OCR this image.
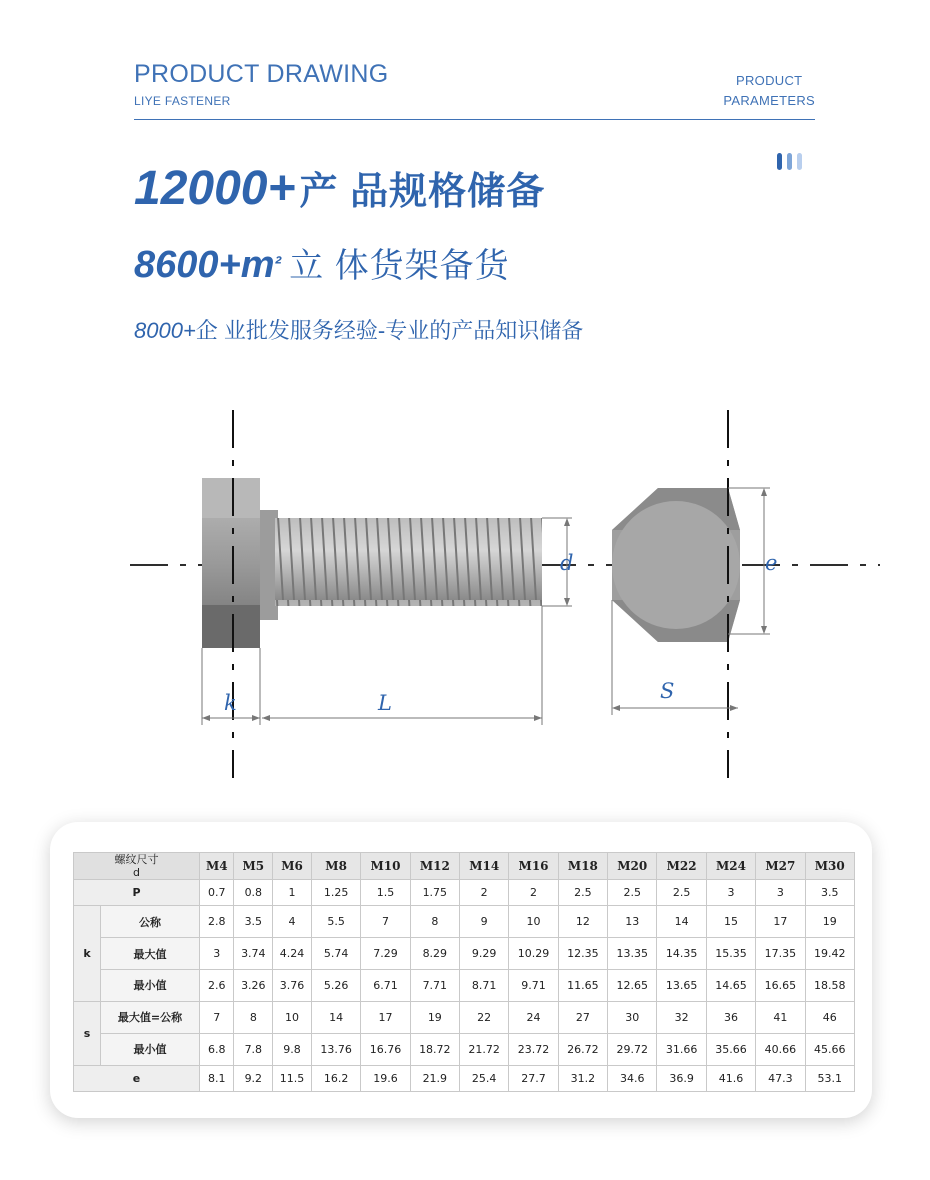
PRODUCT DRAWING
LIYE FASTENER
PRODUCT
PARAMETERS
12000+ 产 品规格储备
$8600+m^{^2}$ 立 体货架备货
8000+企 业批发服务经验-专业的产品知识储备
k	L
d
S
e
螺纹尺寸
d		M4	M5	M6	M8	M10	M12	M14	M16	M18	M20	M22	M24	M27	M30
P		0.7	0.8	1	1.25	1.5	1.75	2	2	2.5	2.5	2.5	3	3	3.5
k	公称	2.8	3.5	4	5.5	7	8	9	10	12	13	14	15	17	19
	最大值	3	3.74	4.24	5.74	7.29	8.29	9.29	10.29	12.35	13.35	14.35	15.35	17.35	19.42
	最小值	2.6	3.26	3.76	5.26	6.71	7.71	8.71	9.71	11.65	12.65	13.65	14.65	16.65	18.58
s	最大值=公称	7	8	10	14	17	19	22	24	27	30	32	36	41	46
	最小值	6.8	7.8	9.8	13.76	16.76	18.72	21.72	23.72	26.72	29.72	31.66	35.66	40.66	45.66
e		8.1	9.2	11.5	16.2	19.6	21.9	25.4	27.7	31.2	34.6	36.9	41.6	47.3	53.1
